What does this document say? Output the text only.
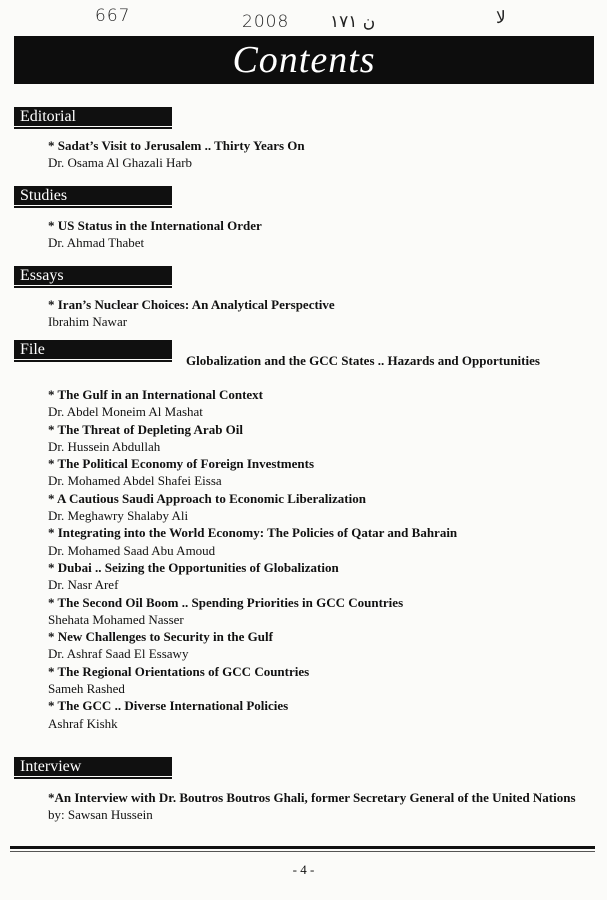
667	2008 ن ١٧١	لا
Contents
Editorial
* Sadat’s Visit to Jerusalem .. Thirty Years On
Dr. Osama Al Ghazali Harb
Studies
* US Status in the International Order
Dr. Ahmad Thabet
Essays
* Iran’s Nuclear Choices: An Analytical Perspective
Ibrahim Nawar
File
Globalization and the GCC States .. Hazards and Opportunities
* The Gulf in an International Context
Dr. Abdel Moneim Al Mashat
* The Threat of Depleting Arab Oil
Dr. Hussein Abdullah
* The Political Economy of Foreign Investments
Dr. Mohamed Abdel Shafei Eissa
* A Cautious Saudi Approach to Economic Liberalization
Dr. Meghawry Shalaby Ali
* Integrating into the World Economy: The Policies of Qatar and Bahrain
Dr. Mohamed Saad Abu Amoud
* Dubai .. Seizing the Opportunities of Globalization
Dr. Nasr Aref
* The Second Oil Boom .. Spending Priorities in GCC Countries
Shehata Mohamed Nasser
* New Challenges to Security in the Gulf
Dr. Ashraf Saad El Essawy
* The Regional Orientations of GCC Countries
Sameh Rashed
* The GCC .. Diverse International Policies
Ashraf Kishk
Interview
*An Interview with Dr. Boutros Boutros Ghali, former Secretary General of the United Nations
by: Sawsan Hussein
- 4 -
